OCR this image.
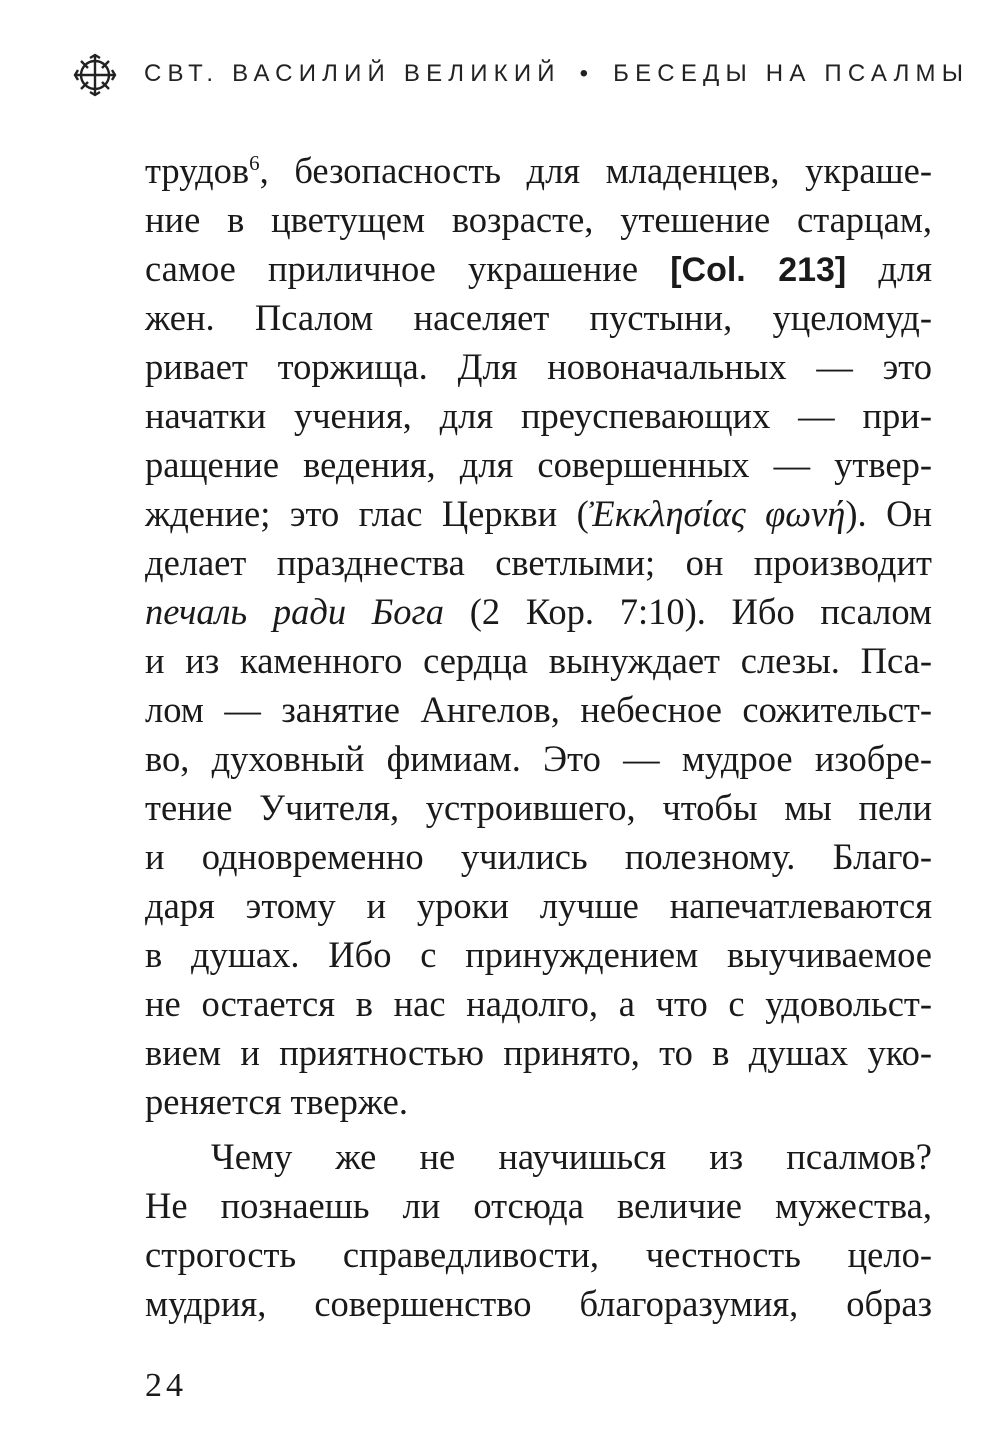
СВТ. ВАСИЛИЙ ВЕЛИКИЙ • БЕСЕДЫ НА ПСАЛМЫ
трудов$^6$, безопасность для младенцев, украше-
ние в цветущем возрасте, утешение старцам,
самое приличное украшение [Col. 213] для
жен. Псалом населяет пустыни, уцеломуд-
ривает торжища. Для новоначальных — это
начатки учения, для преуспевающих — при-
ращение ведения, для совершенных — утвер-
ждение; это глас Церкви (Ἐκκλησίας φωνή). Он
делает празднества светлыми; он производит
печаль ради Бога (2 Кор. 7:10). Ибо псалом
и из каменного сердца вынуждает слезы. Пса-
лом — занятие Ангелов, небесное сожительст-
во, духовный фимиам. Это — мудрое изобре-
тение Учителя, устроившего, чтобы мы пели
и одновременно учились полезному. Благо-
даря этому и уроки лучше напечатлеваются
в душах. Ибо с принуждением выучиваемое
не остается в нас надолго, а что с удовольст-
вием и приятностью принято, то в душах уко-
реняется тверже.
Чему же не научишься из псалмов?
Не познаешь ли отсюда величие мужества,
строгость справедливости, честность цело-
мудрия, совершенство благоразумия, образ
24
